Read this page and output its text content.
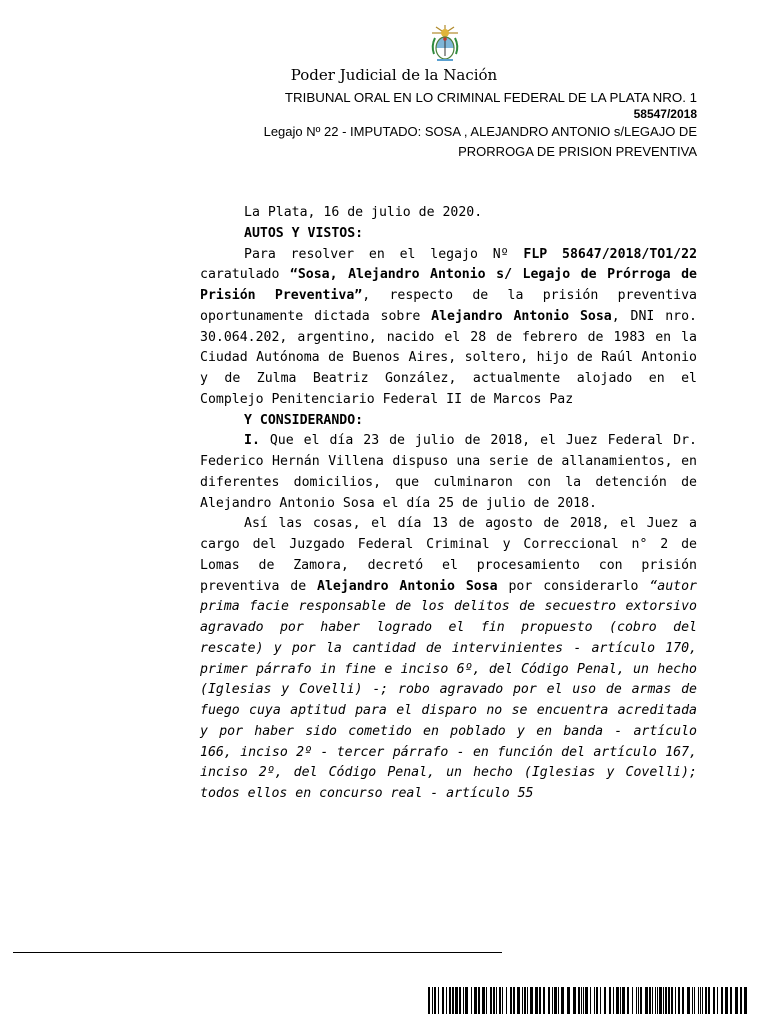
Poder Judicial de la Nación
TRIBUNAL ORAL EN LO CRIMINAL FEDERAL DE LA PLATA NRO. 1
58547/2018
Legajo Nº 22 - IMPUTADO: SOSA , ALEJANDRO ANTONIO s/LEGAJO DE
PRORROGA DE PRISION PREVENTIVA

La Plata, 16 de julio de 2020.

AUTOS Y VISTOS:

Para resolver en el legajo Nº FLP 58647/2018/TO1/22 caratulado “Sosa, Alejandro Antonio s/ Legajo de Prórroga de Prisión Preventiva”, respecto de la prisión preventiva oportunamente dictada sobre Alejandro Antonio Sosa, DNI nro. 30.064.202, argentino, nacido el 28 de febrero de 1983 en la Ciudad Autónoma de Buenos Aires, soltero, hijo de Raúl Antonio y de Zulma Beatriz González, actualmente alojado en el Complejo Penitenciario Federal II de Marcos Paz

Y CONSIDERANDO:

I. Que el día 23 de julio de 2018, el Juez Federal Dr. Federico Hernán Villena dispuso una serie de allanamientos, en diferentes domicilios, que culminaron con la detención de Alejandro Antonio Sosa el día 25 de julio de 2018.

Así las cosas, el día 13 de agosto de 2018, el Juez a cargo del Juzgado Federal Criminal y Correccional n° 2 de Lomas de Zamora, decretó el procesamiento con prisión preventiva de Alejandro Antonio Sosa por considerarlo “autor prima facie responsable de los delitos de secuestro extorsivo agravado por haber logrado el fin propuesto (cobro del rescate) y por la cantidad de intervinientes - artículo 170, primer párrafo in fine e inciso 6º, del Código Penal, un hecho (Iglesias y Covelli) -; robo agravado por el uso de armas de fuego cuya aptitud para el disparo no se encuentra acreditada y por haber sido cometido en poblado y en banda - artículo 166, inciso 2º - tercer párrafo - en función del artículo 167, inciso 2º, del Código Penal, un hecho (Iglesias y Covelli); todos ellos en concurso real - artículo 55
